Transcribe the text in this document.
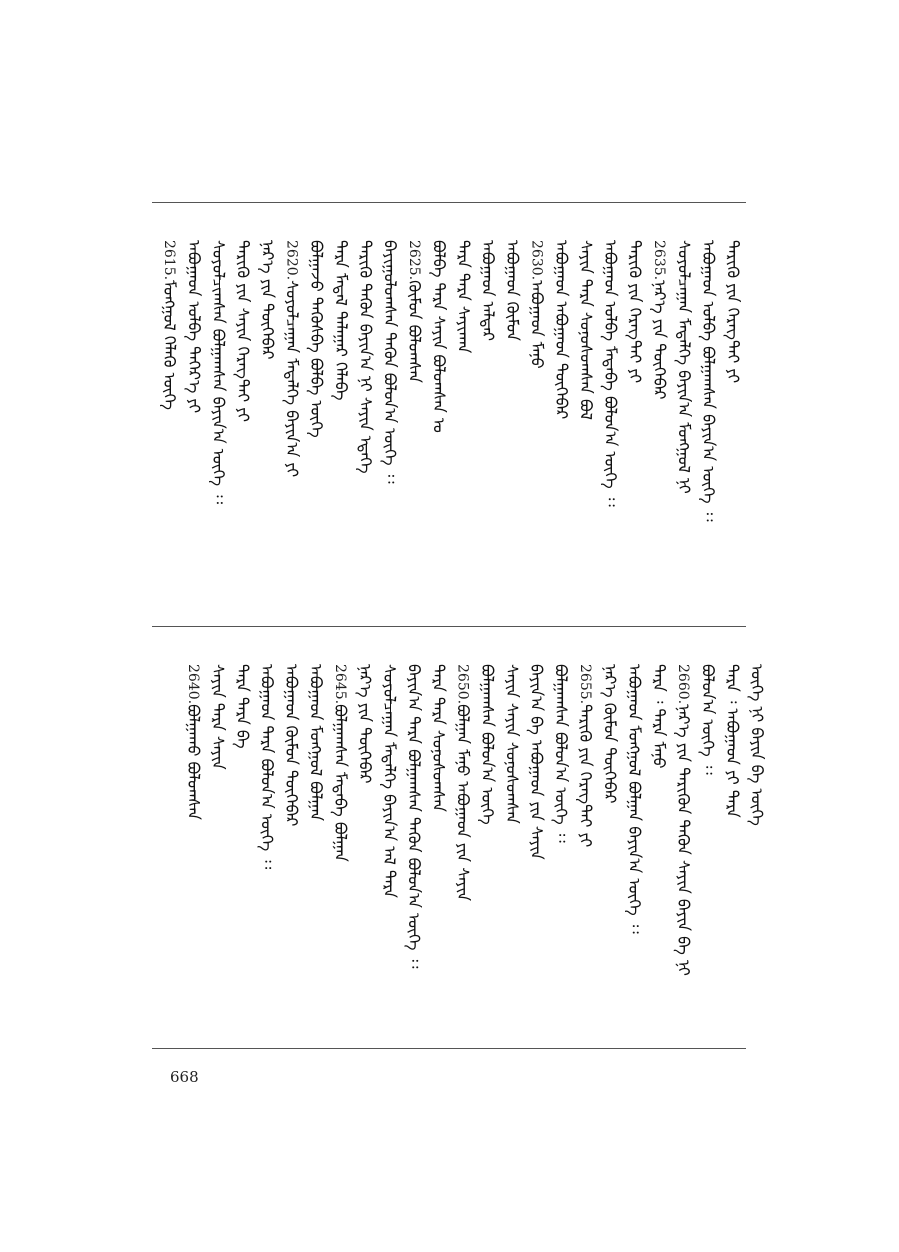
2615.ᠮᠣᠩᠭᠣᠯ ᠬᠡᠯᠡᠬᠦ ᠦᠭᠡ ᠠᠪᠤᠭᠠᠳ ᠣᠯᠪᠠ ᠳᠡᠭᠡᠷ᠎ᠡ ᠶᠢ ᠰᠣᠶᠣᠯᠴᠢᠭᠰᠠᠨ ᠪᠣᠯᠭᠠᠭᠰᠠᠨ ᠪᠠᠶᠢᠨ᠎ᠠ ᠦᠭᠡ ᠄᠄ ᠲᠡᠷᠢᠭᠦ ᠶᠢᠨ ᠰᠠᠶᠢᠨ ᠬᠡᠷᠡᠭ᠎ᠲᠡᠢ ᠶᠢ ᠨᠡᠷ᠎ᠡ ᠶᠢᠨ ᠲᠥᠭᠡᠪᠡᠷ 2620.ᠰᠣᠶᠣᠯᠴᠠᠭᠠᠨ ᠮᠡᠳᠡᠯᠭᠡ ᠪᠠᠶᠢᠨ᠎ᠠ ᠶᠢ ᠪᠣᠯᠭᠠᠵᠤ ᠲᠡᠭᠦᠰᠪᠡ ᠪᠣᠯᠪᠠ ᠦᠭᠡ ᠲᠡᠷᠡ ᠮᠡᠳᠡᠯ ᠲᠠᠯᠠᠭᠠᠷ ᠬᠡᠯᠡᠪᠡ ᠲᠡᠷᠢᠭᠦ ᠲᠡᠭᠦᠨ ᠪᠠᠶᠢᠨ᠎ᠠ ᠨᠢ ᠰᠠᠶᠢᠨ ᠡᠳᠡᠭᠡ ᠪᠠᠶᠢᠭᠤᠯᠤᠭᠰᠠᠨ ᠲᠡᠭᠦᠨ ᠪᠣᠯᠤᠨ᠎ᠠ ᠦᠭᠡ ᠄᠄ 2625.ᠬᠦᠮᠦᠨ ᠪᠣᠯᠤᠭᠰᠠᠨ ᠪᠣᠯᠪᠠ ᠲᠡᠷᠡ ᠰᠠᠶᠢᠨ ᠪᠣᠯᠤᠭᠰᠠᠨ ᠤ ᠲᠡᠷᠡ ᠲᠡᠷᠡ ᠰᠠᠶᠢᠬᠠᠨ ᠠᠪᠤᠭᠠᠳ ᠠᠯᠳᠠᠷ ᠠᠪᠤᠭᠠᠳ ᠬᠦᠮᠦᠨ 2630.ᠠᠪᠤᠭᠠᠳ ᠮᠠᠨᠤ ᠠᠪᠤᠭᠠᠳ ᠠᠪᠤᠭᠠᠳ ᠲᠥᠭᠡᠪᠡᠷ ᠰᠠᠶᠢᠨ ᠲᠡᠷᠡ ᠰᠣᠨᠣᠰᠤᠭᠰᠠᠨ ᠪᠣᠯ ᠠᠪᠤᠭᠠᠳ ᠣᠯᠪᠠ ᠮᠡᠳᠡᠪᠡ ᠪᠣᠯᠤᠨ᠎ᠠ ᠦᠭᠡ ᠄᠄ ᠲᠡᠷᠢᠭᠦ ᠶᠢᠨ ᠬᠡᠷᠡᠭ᠎ᠲᠡᠢ ᠶᠢ 2635.ᠨᠡᠷ᠎ᠡ ᠶᠢᠨ ᠲᠥᠭᠡᠪᠡᠷ ᠰᠣᠶᠣᠯᠴᠠᠭᠠᠨ ᠮᠡᠳᠡᠯᠭᠡ ᠪᠠᠶᠢᠨ᠎ᠠ ᠮᠣᠩᠭᠣᠯ ᠨᠢ ᠠᠪᠤᠭᠠᠳ ᠣᠯᠪᠠ ᠪᠣᠯᠭᠠᠭᠰᠠᠨ ᠪᠠᠶᠢᠨ᠎ᠠ ᠦᠭᠡ ᠄᠄ ᠲᠡᠷᠢᠭᠦ ᠶᠢᠨ ᠬᠡᠷᠡᠭ᠎ᠲᠡᠢ ᠶᠢ
2640.ᠪᠣᠯᠭᠠᠬᠤ ᠪᠣᠯᠤᠭᠰᠠᠨ ᠰᠠᠶᠢᠨ ᠲᠡᠷᠡ ᠰᠠᠶᠢᠨ ᠲᠡᠷᠡ ᠲᠡᠷᠡ ᠪᠠ ᠠᠪᠤᠭᠠᠳ ᠲᠡᠷᠡ ᠪᠣᠯᠤᠨ᠎ᠠ ᠦᠭᠡ ᠄᠄ ᠠᠪᠤᠭᠠᠳ ᠬᠦᠮᠦᠨ ᠲᠥᠭᠡᠪᠡᠷ ᠠᠪᠤᠭᠠᠳ ᠮᠣᠩᠭᠣᠯ ᠪᠣᠯᠭᠠᠨ 2645.ᠪᠣᠯᠭᠠᠭᠰᠠᠨ ᠮᠡᠳᠡᠪᠡ ᠪᠣᠯᠭᠠᠨ ᠨᠡᠷ᠎ᠡ ᠶᠢᠨ ᠲᠥᠭᠡᠪᠡᠷ ᠰᠣᠶᠣᠯᠴᠠᠭᠠᠨ ᠮᠡᠳᠡᠯᠭᠡ ᠪᠠᠶᠢᠨ᠎ᠠ ᠠᠯ ᠲᠡᠷᠡ ᠪᠠᠶᠢᠨ᠎ᠠ ᠲᠡᠷᠡ ᠪᠣᠯᠭᠠᠭᠰᠠᠨ ᠲᠡᠭᠦᠨ ᠪᠣᠯᠤᠨ᠎ᠠ ᠦᠭᠡ ᠄᠄ ᠲᠡᠷᠡ ᠲᠡᠷᠡ ᠰᠣᠨᠣᠰᠤᠭᠰᠠᠨ 2650.ᠪᠣᠯᠭᠠᠨ ᠮᠠᠨᠤ ᠠᠪᠤᠭᠠᠳ ᠶᠢᠨ ᠰᠠᠶᠢᠨ ᠪᠣᠯᠭᠠᠭᠰᠠᠨ ᠪᠣᠯᠤᠨ᠎ᠠ ᠦᠭᠡ ᠰᠠᠶᠢᠨ ᠰᠠᠶᠢᠨ ᠰᠣᠨᠣᠰᠤᠭᠰᠠᠨ ᠪᠠᠶᠢᠨ᠎ᠠ ᠪᠠ ᠠᠪᠤᠭᠠᠳ ᠶᠢᠨ ᠰᠠᠶᠢᠨ ᠪᠣᠯᠭᠠᠭᠰᠠᠨ ᠪᠣᠯᠤᠨ᠎ᠠ ᠦᠭᠡ ᠄᠄ 2655.ᠲᠡᠷᠢᠭᠦ ᠶᠢᠨ ᠬᠡᠷᠡᠭ᠎ᠲᠡᠢ ᠶᠢ ᠨᠡᠷ᠎ᠡ ᠬᠦᠮᠦᠨ ᠲᠥᠭᠡᠪᠡᠷ ᠠᠪᠤᠭᠠᠳ ᠮᠣᠩᠭᠣᠯ ᠪᠣᠯᠭᠠᠨ ᠪᠠᠶᠢᠨ᠎ᠠ ᠦᠭᠡ ᠄᠄ ᠲᠡᠷᠡ ᠄ ᠲᠡᠷᠡ ᠮᠠᠨᠤ 2660.ᠨᠡᠷ᠎ᠡ ᠶᠢᠨ ᠲᠡᠷᠢᠭᠦᠨ ᠲᠡᠭᠦᠨ ᠰᠠᠶᠢᠨ ᠪᠠᠶᠢᠨ ᠪᠠ ᠨᠢ ᠪᠣᠯᠤᠨ᠎ᠠ ᠦᠭᠡ ᠄᠄ ᠲᠡᠷᠡ ᠄ ᠠᠪᠤᠭᠠᠳ ᠶᠢ ᠲᠡᠷᠡ ᠦᠭᠡ ᠨᠢ ᠪᠠᠶᠢᠨ ᠪᠠ ᠦᠭᠡ
668
